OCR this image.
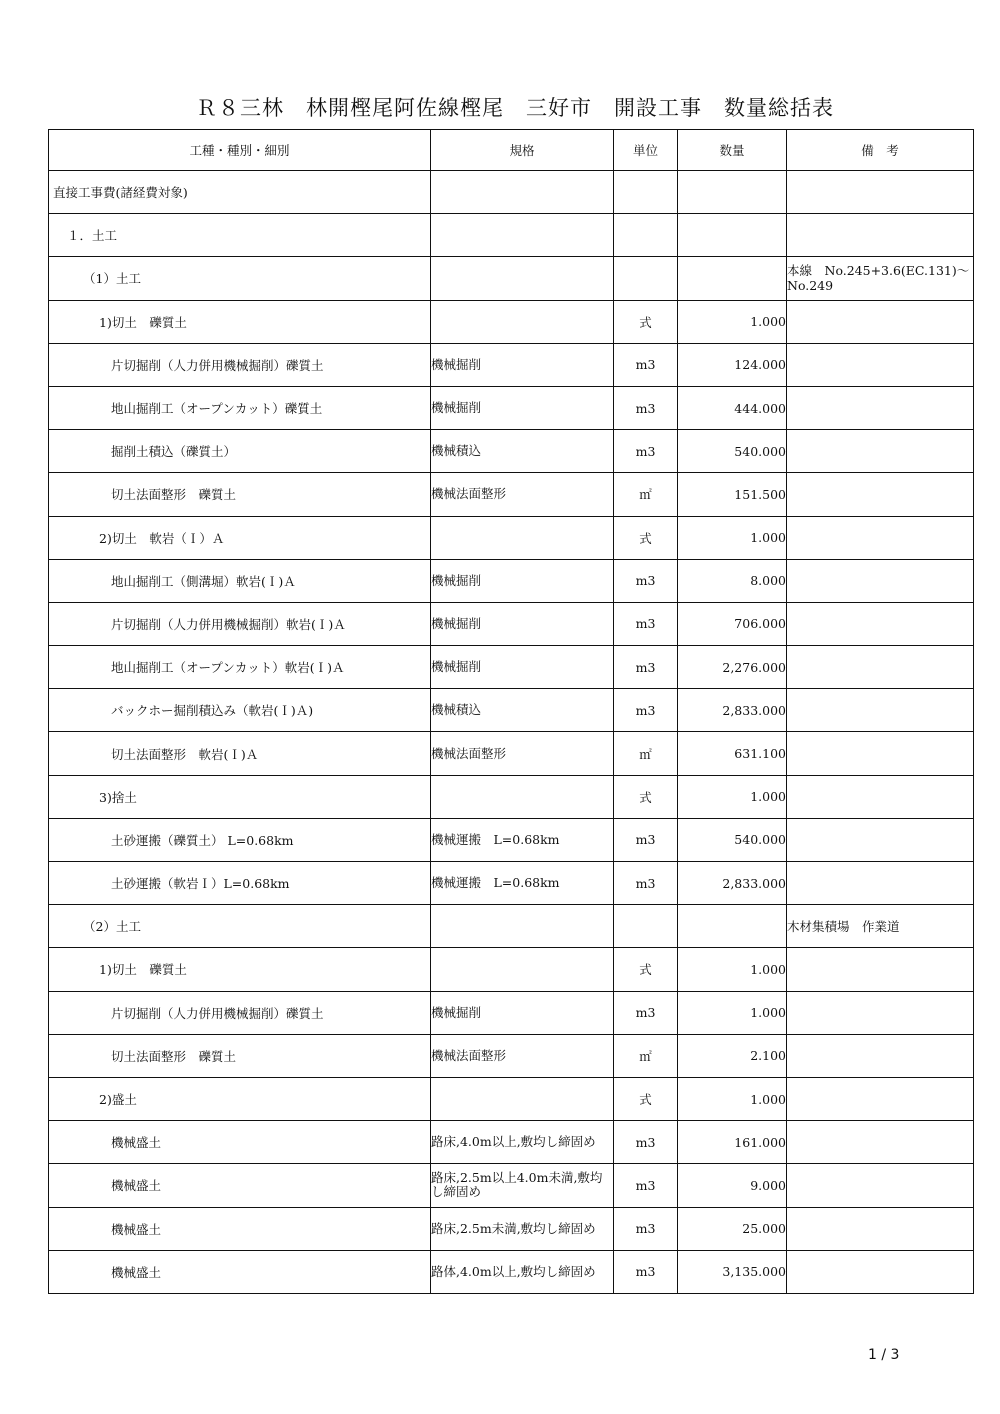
Ｒ８三林　林開樫尾阿佐線樫尾　三好市　開設工事　数量総括表
工種・種別・細別	規格	単位	数量	備　考
直接工事費(諸経費対象)				
１．土工				
（1）土工				本線　No.245+3.6(EC.131)〜No.249
1)切土　礫質土		式	1.000	
片切掘削（人力併用機械掘削）礫質土	機械掘削	m3	124.000	
地山掘削工（オープンカット）礫質土	機械掘削	m3	444.000	
掘削土積込（礫質土）	機械積込	m3	540.000	
切土法面整形　礫質土	機械法面整形	㎡	151.500	
2)切土　軟岩（Ｉ）Ａ		式	1.000	
地山掘削工（側溝堀）軟岩(Ｉ)Ａ	機械掘削	m3	8.000	
片切掘削（人力併用機械掘削）軟岩(Ｉ)Ａ	機械掘削	m3	706.000	
地山掘削工（オープンカット）軟岩(Ｉ)Ａ	機械掘削	m3	2,276.000	
バックホー掘削積込み（軟岩(Ｉ)Ａ)	機械積込	m3	2,833.000	
切土法面整形　軟岩(Ｉ)Ａ	機械法面整形	㎡	631.100	
3)捨土		式	1.000	
土砂運搬（礫質土） L=0.68km	機械運搬　L=0.68km	m3	540.000	
土砂運搬（軟岩Ｉ）L=0.68km	機械運搬　L=0.68km	m3	2,833.000	
（2）土工				木材集積場　作業道
1)切土　礫質土		式	1.000	
片切掘削（人力併用機械掘削）礫質土	機械掘削	m3	1.000	
切土法面整形　礫質土	機械法面整形	㎡	2.100	
2)盛土		式	1.000	
機械盛土	路床,4.0m以上,敷均し締固め	m3	161.000	
機械盛土	路床,2.5m以上4.0m未満,敷均し締固め	m3	9.000	
機械盛土	路床,2.5m未満,敷均し締固め	m3	25.000	
機械盛土	路体,4.0m以上,敷均し締固め	m3	3,135.000	
1 / 3
